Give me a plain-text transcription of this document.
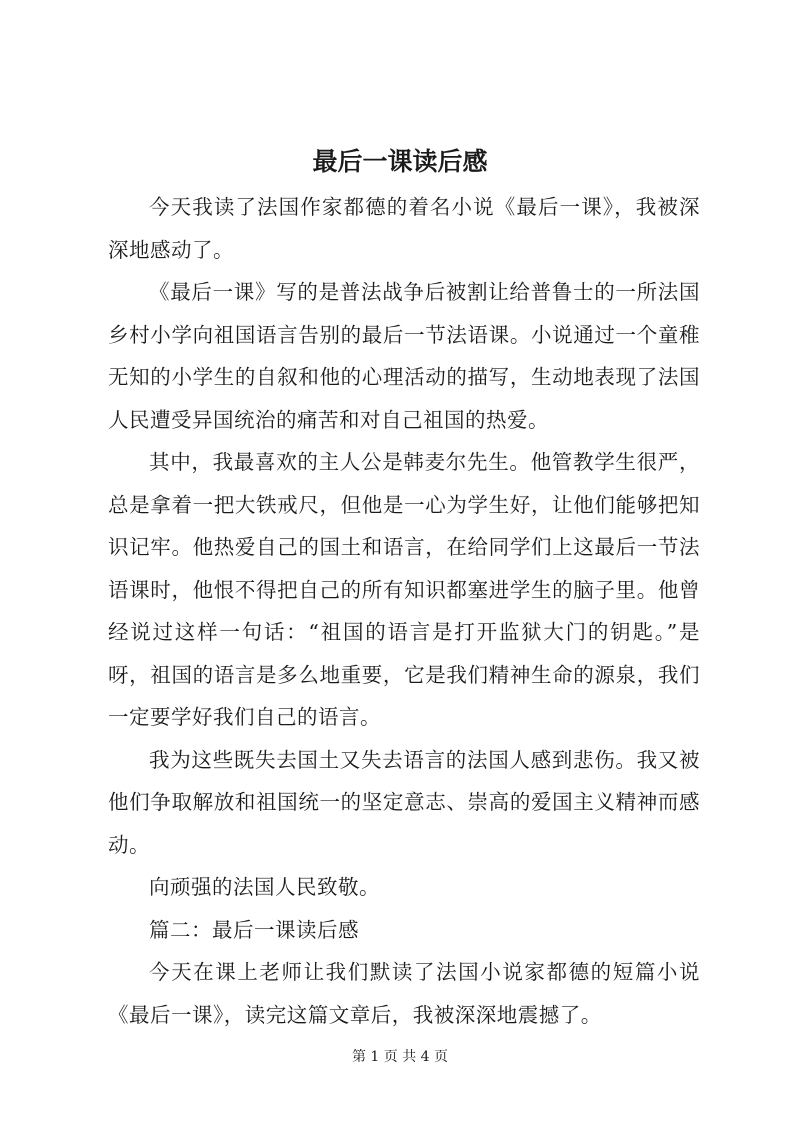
最后一课读后感

今天我读了法国作家都德的着名小说《最后一课》，我被深深地感动了。

《最后一课》写的是普法战争后被割让给普鲁士的一所法国乡村小学向祖国语言告别的最后一节法语课。小说通过一个童稚无知的小学生的自叙和他的心理活动的描写，生动地表现了法国人民遭受异国统治的痛苦和对自己祖国的热爱。

其中，我最喜欢的主人公是韩麦尔先生。他管教学生很严，总是拿着一把大铁戒尺，但他是一心为学生好，让他们能够把知识记牢。他热爱自己的国土和语言，在给同学们上这最后一节法语课时，他恨不得把自己的所有知识都塞进学生的脑子里。他曾经说过这样一句话：“祖国的语言是打开监狱大门的钥匙。”是呀，祖国的语言是多么地重要，它是我们精神生命的源泉，我们一定要学好我们自己的语言。

我为这些既失去国土又失去语言的法国人感到悲伤。我又被他们争取解放和祖国统一的坚定意志、崇高的爱国主义精神而感动。

向顽强的法国人民致敬。

篇二：最后一课读后感

今天在课上老师让我们默读了法国小说家都德的短篇小说《最后一课》，读完这篇文章后，我被深深地震撼了。

第 1 页 共 4 页
